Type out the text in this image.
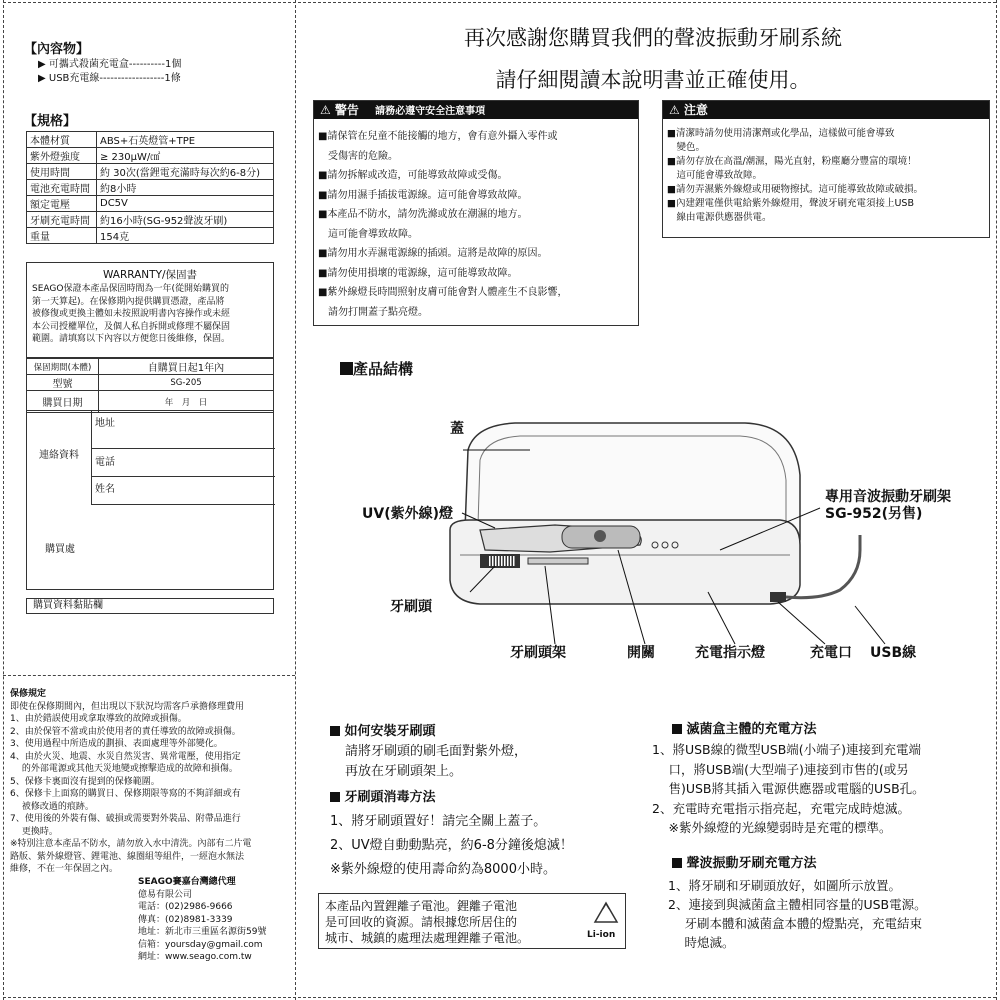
【內容物】

▶ 可攜式殺菌充電盒----------1個

▶ USB充電線------------------1條

【規格】
本體材質	ABS+石英燈管+TPE
紫外燈強度	≥ 230μW/㎠
使用時間	約 30次(當鋰電充滿時每次約6-8分)
電池充電時間	約8小時
額定電壓	DC5V
牙刷充電時間	約16小時(SG-952聲波牙刷)
重量	154克
WARRANTY/保固書

SEAGO保證本產品保固時間為一年(從開始購買的

第一天算起)。在保修期內提供購買憑證，產品將

被修復或更換主體如未按照說明書內容操作或未經

本公司授權單位，及個人私自拆開或修理不屬保固

範圍。請填寫以下內容以方便您日後維修，保固。

保固期間(本體)	自購買日起1年內
型號	SG-205
購買日期	年　月　日
連絡資料
地址
電話
姓名
購買處
購買資料黏貼欄

保修規定

即使在保修期間內，但出現以下狀況均需客戶承擔修理費用

1、由於錯誤使用或拿取導致的故障或損傷。

2、由於保管不當或由於使用者的責任導致的故障或損傷。

3、使用過程中所造成的劃損、表面處理等外部變化。

4、由於火災、地震、水災自然災害、異常電壓，使用指定

　 的外部電源或其他天災地變或擦撃造成的故障和損傷。

5、保修卡裏面沒有提到的保修範圍。

6、保修卡上面寫的購買日、保修期限等寫的不夠詳細或有

　 被修改過的痕跡。

7、使用後的外裝有傷、破損或需要對外裝品、附帶品進行

　 更換時。

※特別注意本產品不防水，請勿放入水中清洗。內部有二片電

路版、紫外線燈管、鋰電池、線圈組等組件，一經泡水無法

維修，不在一年保固之內。

SEAGO賽嘉台灣總代理

億易有限公司

電話：(02)2986-9666

傳真：(02)8981-3339

地址：新北市三重區名源街59號

信箱：yoursday@gmail.com

網址：www.seago.com.tw

再次感謝您購買我們的聲波振動牙刷系統
請仔細閱讀本說明書並正確使用。
⚠ 警告 請務必遵守安全注意事項

■請保管在兒童不能接觸的地方，會有意外攝入零件或

　受傷害的危險。

■請勿拆解或改造，可能導致故障或受傷。

■請勿用濕手插拔電源線。這可能會導致故障。

■本產品不防水，請勿洗滌或放在潮濕的地方。

　這可能會導致故障。

■請勿用水弄濕電源線的插頭。這將是故障的原因。

■請勿使用損壞的電源線，這可能導致故障。

■紫外線燈長時間照射皮膚可能會對人體產生不良影響，

　請勿打開蓋子點亮燈。

⚠ 注意

■清潔時請勿使用清潔劑或化學品，這樣做可能會導致

　變色。

■請勿存放在高溫/潮濕，陽光直射，粉塵廳分豐富的環境！

　這可能會導致故障。

■請勿弄濕紫外線燈或用硬物擦拭。這可能導致故障或破損。

■內建鋰電僅供電給紫外線燈用，聲波牙刷充電須接上USB

　線由電源供應器供電。

產品結構
蓋
UV(紫外線)燈
牙刷頭
牙刷頭架	開關	充電指示燈	充電口 USB線
專用音波振動牙刷架
SG-952(另售)
如何安裝牙刷頭

請將牙刷頭的刷毛面對紫外燈，

再放在牙刷頭架上。

牙刷頭消毒方法

1、將牙刷頭置好！請完全關上蓋子。

2、UV燈自動動點亮，約6-8分鐘後熄滅！

※紫外線燈的使用壽命約為8000小時。

本產品內置鋰離子電池。鋰離子電池

是可回收的資源。請根據您所居住的

城市、城鎮的處理法處理鋰離子電池。	Li-ion
滅菌盒主體的充電方法

1、將USB線的微型USB端(小端子)連接到充電端

　 口，將USB端(大型端子)連接到市售的(或另

　 售)USB將其插入電源供應器或電腦的USB孔。

2、充電時充電指示指亮起，充電完成時熄滅。

　 ※紫外線燈的光線變弱時是充電的標準。

聲波振動牙刷充電方法

1、將牙刷和牙刷頭放好，如圖所示放置。

2、連接到與滅菌盒主體相同容量的USB電源。

　 牙刷本體和滅菌盒本體的燈點亮，充電結束

　 時熄滅。
